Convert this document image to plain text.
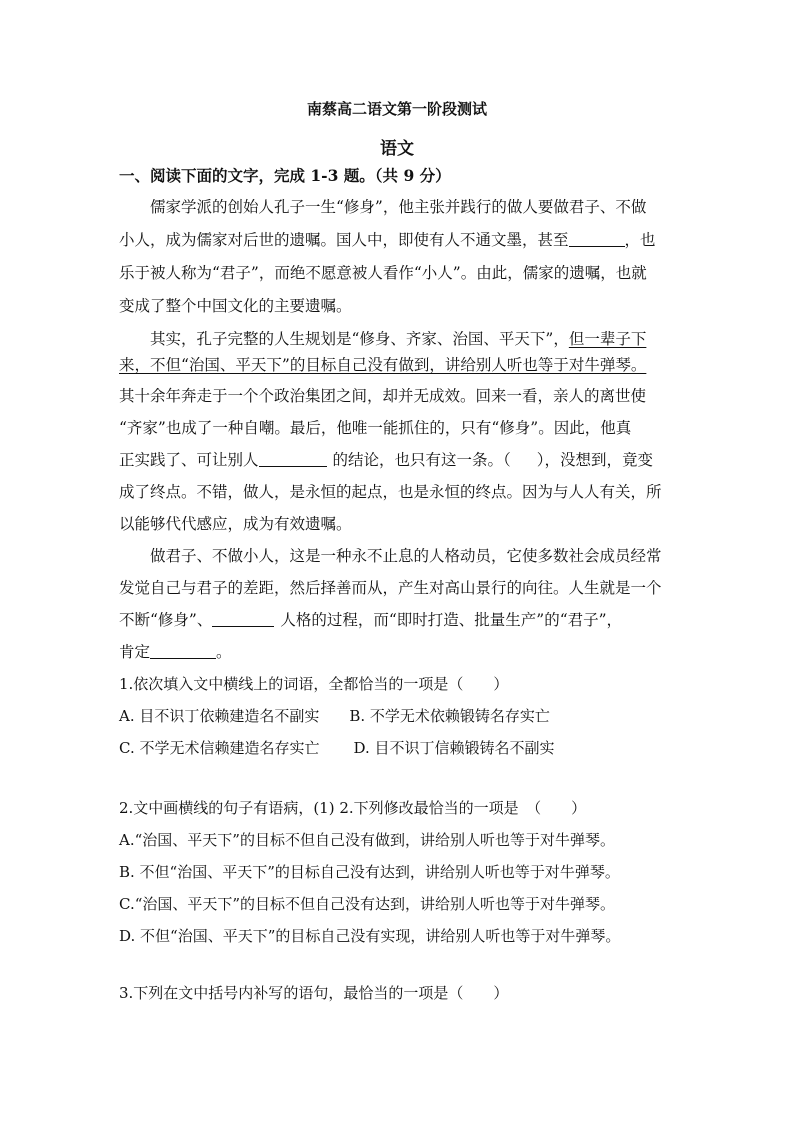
南蔡高二语文第一阶段测试
语文
一、阅读下面的文字，完成 1-3 题。（共 9 分）
儒家学派的创始人孔子一生“修身”，他主张并践行的做人要做君子、不做
小人，成为儒家对后世的遗嘱。国人中，即使有人不通文墨，甚至	，也
乐于被人称为“君子”，而绝不愿意被人看作“小人”。由此，儒家的遗嘱，也就
变成了整个中国文化的主要遗嘱。
其实，孔子完整的人生规划是“修身、齐家、治国、平天下”，但一辈子下
来，不但“治国、平天下”的目标自己没有做到，讲给别人听也等于对牛弹琴。
其十余年奔走于一个个政治集团之间，却并无成效。回来一看，亲人的离世使
“齐家”也成了一种自嘲。最后，他唯一能抓住的，只有“修身”。因此，他真
正实践了、可让别人	的结论，也只有这一条。（ ），没想到，竟变
成了终点。不错，做人，是永恒的起点，也是永恒的终点。因为与人人有关，所
以能够代代感应，成为有效遗嘱。
做君子、不做小人，这是一种永不止息的人格动员，它使多数社会成员经常
发觉自己与君子的差距，然后择善而从，产生对高山景行的向往。人生就是一个
不断“修身”、	人格的过程，而“即时打造、批量生产”的“君子”，
肯定	。
1.依次填入文中横线上的词语，全都恰当的一项是（　　）
A. 目不识丁依赖建造名不副实 B. 不学无术依赖锻铸名存实亡
C. 不学无术信赖建造名存实亡 D. 目不识丁信赖锻铸名不副实
2.文中画横线的句子有语病，(1) 2.下列修改最恰当的一项是　（　　）
A.“治国、平天下”的目标不但自己没有做到，讲给别人听也等于对牛弹琴。
B. 不但“治国、平天下”的目标自己没有达到，讲给别人听也等于对牛弹琴。
C.“治国、平天下”的目标不但自己没有达到，讲给别人听也等于对牛弹琴。
D. 不但“治国、平天下”的目标自己没有实现，讲给别人听也等于对牛弹琴。
3.下列在文中括号内补写的语句，最恰当的一项是（　　）
